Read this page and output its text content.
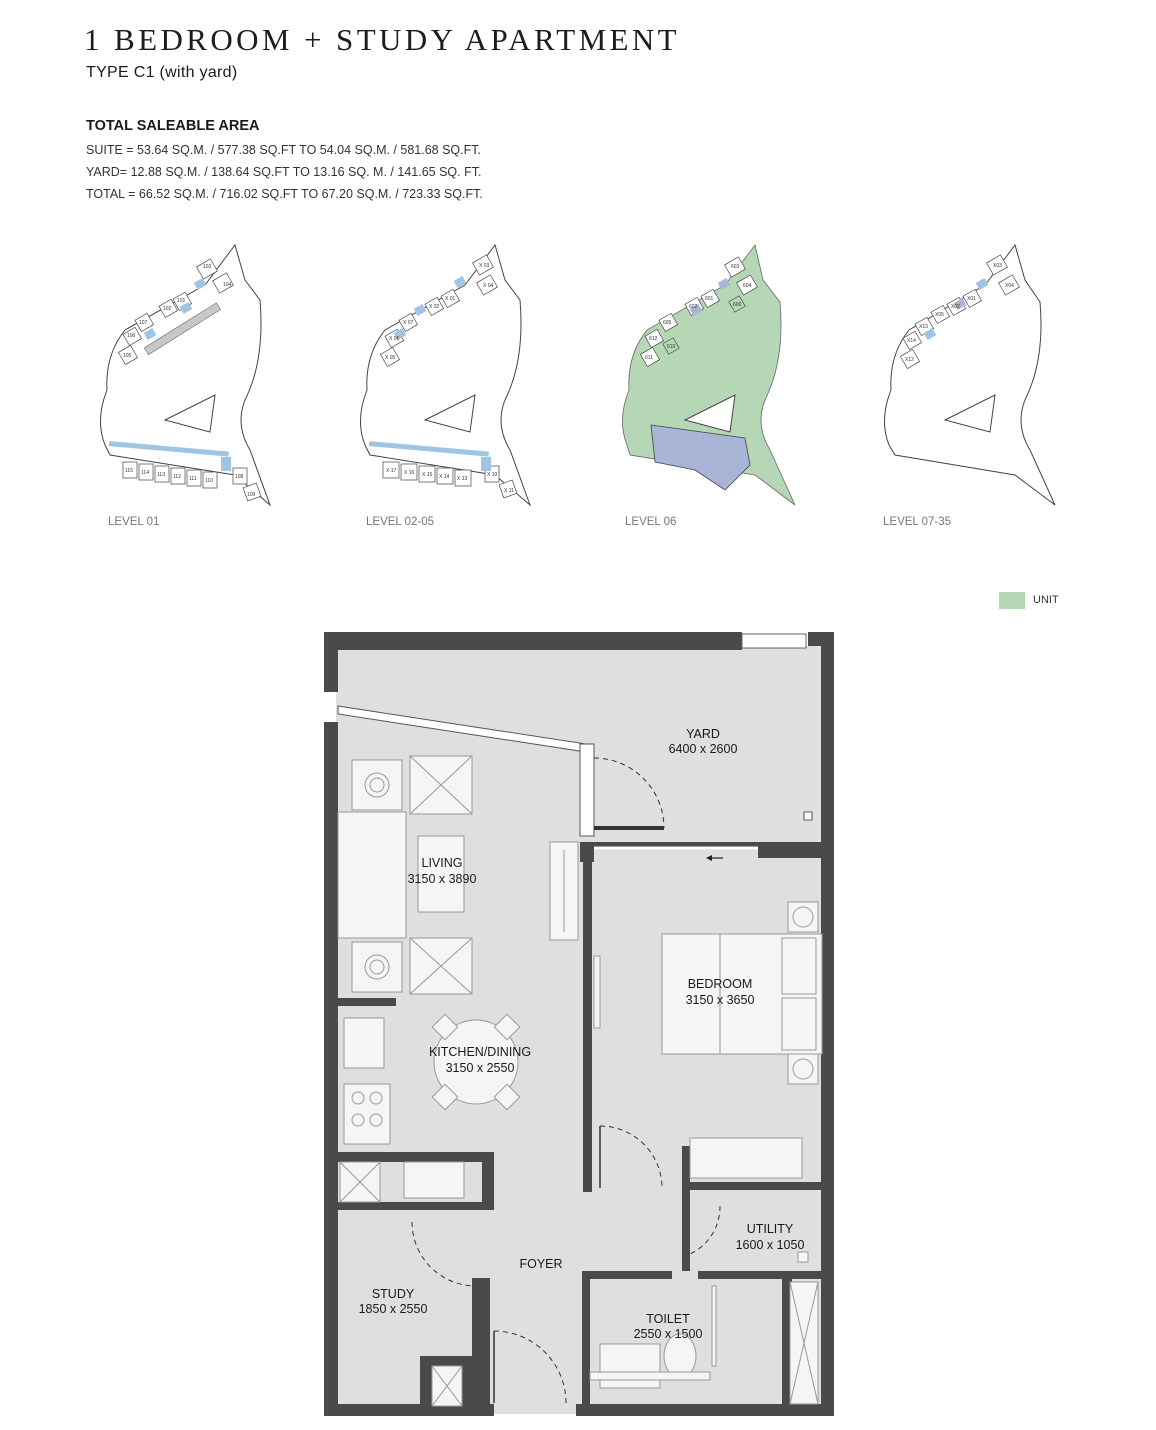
1 BEDROOM + STUDY APARTMENT
TYPE C1 (with yard)
TOTAL SALEABLE AREA
SUITE = 53.64 SQ.M. / 577.38 SQ.FT TO 54.04 SQ.M. / 581.68 SQ.FT.
YARD= 12.88 SQ.M. / 138.64 SQ.FT TO 13.16 SQ. M. / 141.65 SQ. FT.
TOTAL = 66.52 SQ.M. / 716.02 SQ.FT TO 67.20 SQ.M. / 723.33 SQ.FT.
103
104
101
102
107
106
105
115 114 113 112 111 110
108
109
LEVEL 01
X 03
X 04
X 01
X 02
X 07
X 06
X 05
X 17 X 16 X 15 X 14 X 13
X 10
X 11
LEVEL 02-05
603
604
601
602
605
612
611
606
610
LEVEL 06
X03
X04
X01
X02
X05
X13
X14
X12
LEVEL 07-35
UNIT
YARD
6400 x 2600
LIVING
3150 x 3890
BEDROOM
3150 x 3650
KITCHEN/DINING
3150 x 2550
UTILITY
1600 x 1050
FOYER
STUDY
1850 x 2550
TOILET
2550 x 1500
